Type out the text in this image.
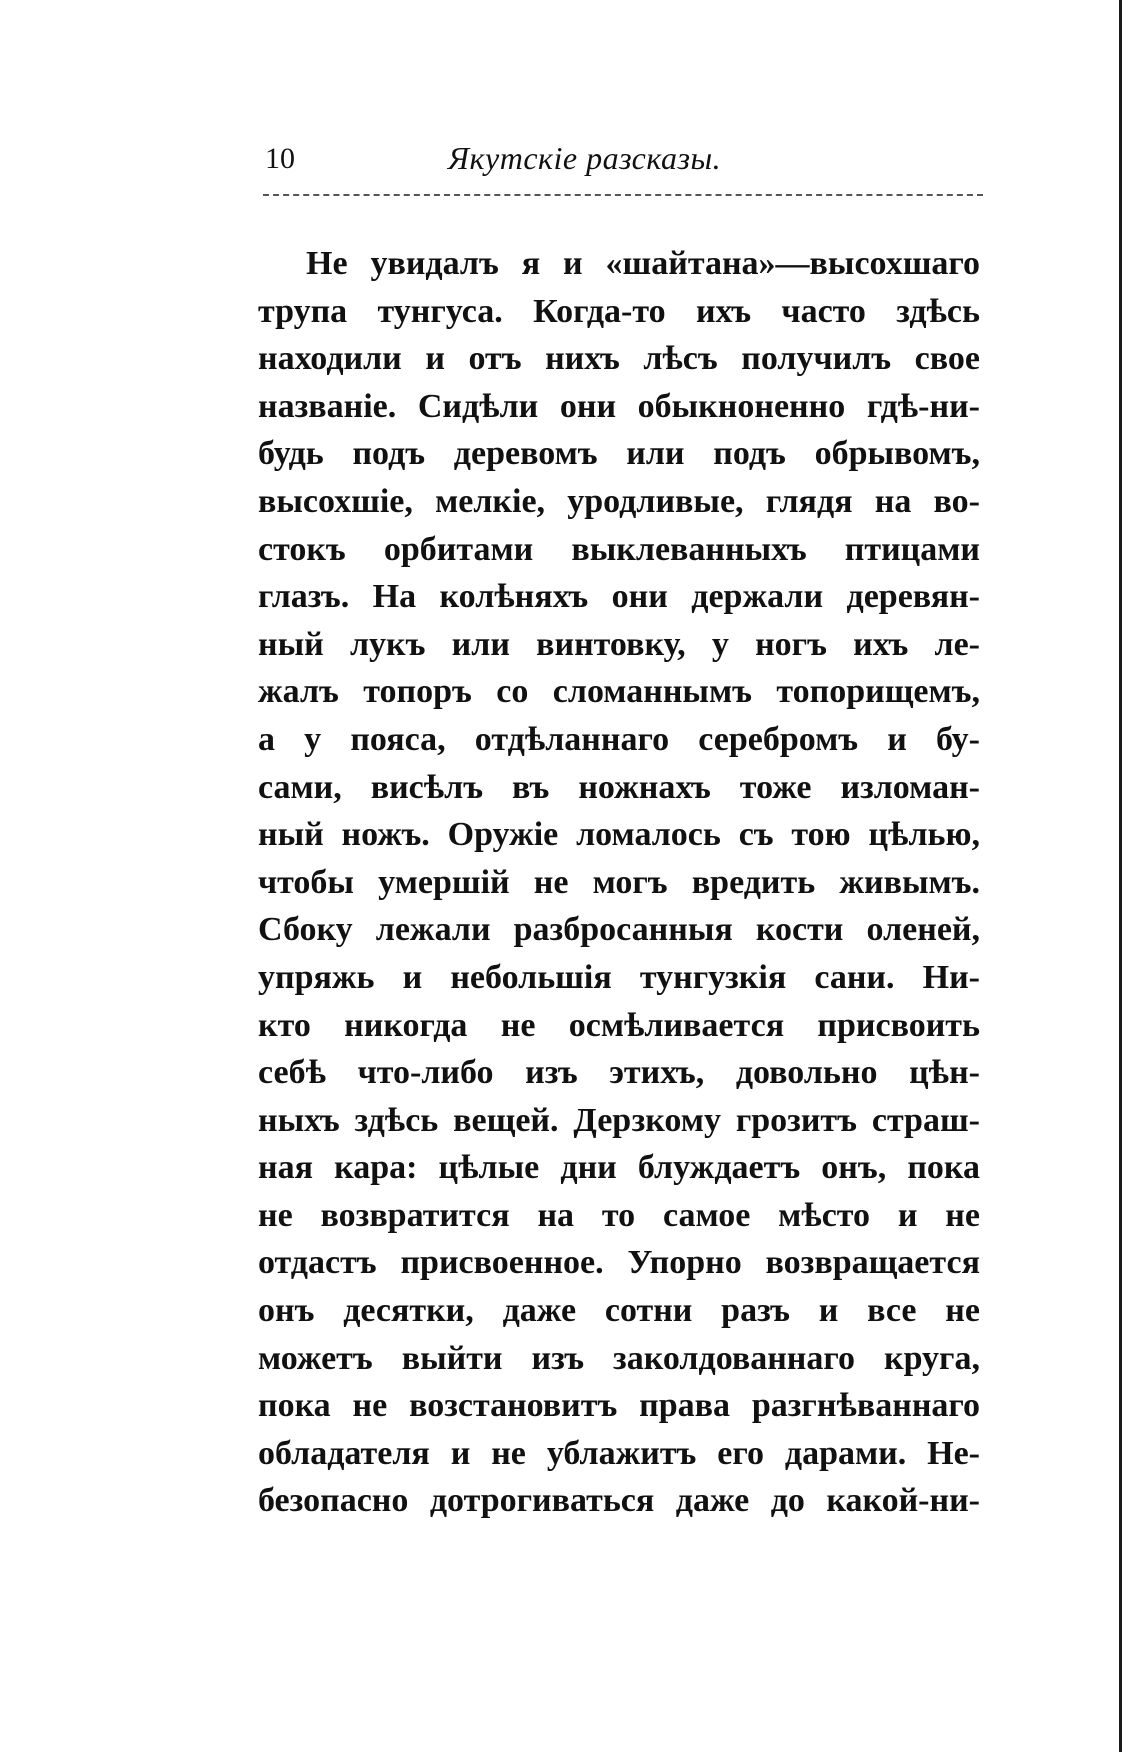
10	Якутскіе разсказы.
Не увидалъ я и «шайтана»—высохшаго
трупа тунгуса. Когда-то ихъ часто здѣсь
находили и отъ нихъ лѣсъ получилъ свое
названіе. Сидѣли они обыкноненно гдѣ-ни-
будь подъ деревомъ или подъ обрывомъ,
высохшіе, мелкіе, уродливые, глядя на во-
стокъ орбитами выклеванныхъ птицами
глазъ. На колѣняхъ они держали деревян-
ный лукъ или винтовку, у ногъ ихъ ле-
жалъ топоръ со сломаннымъ топорищемъ,
а у пояса, отдѣланнаго серебромъ и бу-
сами, висѣлъ въ ножнахъ тоже изломан-
ный ножъ. Оружіе ломалось съ тою цѣлью,
чтобы умершій не могъ вредить живымъ.
Сбоку лежали разбросанныя кости оленей,
упряжь и небольшія тунгузкія сани. Ни-
кто никогда не осмѣливается присвоить
себѣ что-либо изъ этихъ, довольно цѣн-
ныхъ здѣсь вещей. Дерзкому грозитъ страш-
ная кара: цѣлые дни блуждаетъ онъ, пока
не возвратится на то самое мѣсто и не
отдастъ присвоенное. Упорно возвращается
онъ десятки, даже сотни разъ и все не
можетъ выйти изъ заколдованнаго круга,
пока не возстановитъ права разгнѣваннаго
обладателя и не ублажитъ его дарами. Не-
безопасно дотрогиваться даже до какой-ни-
